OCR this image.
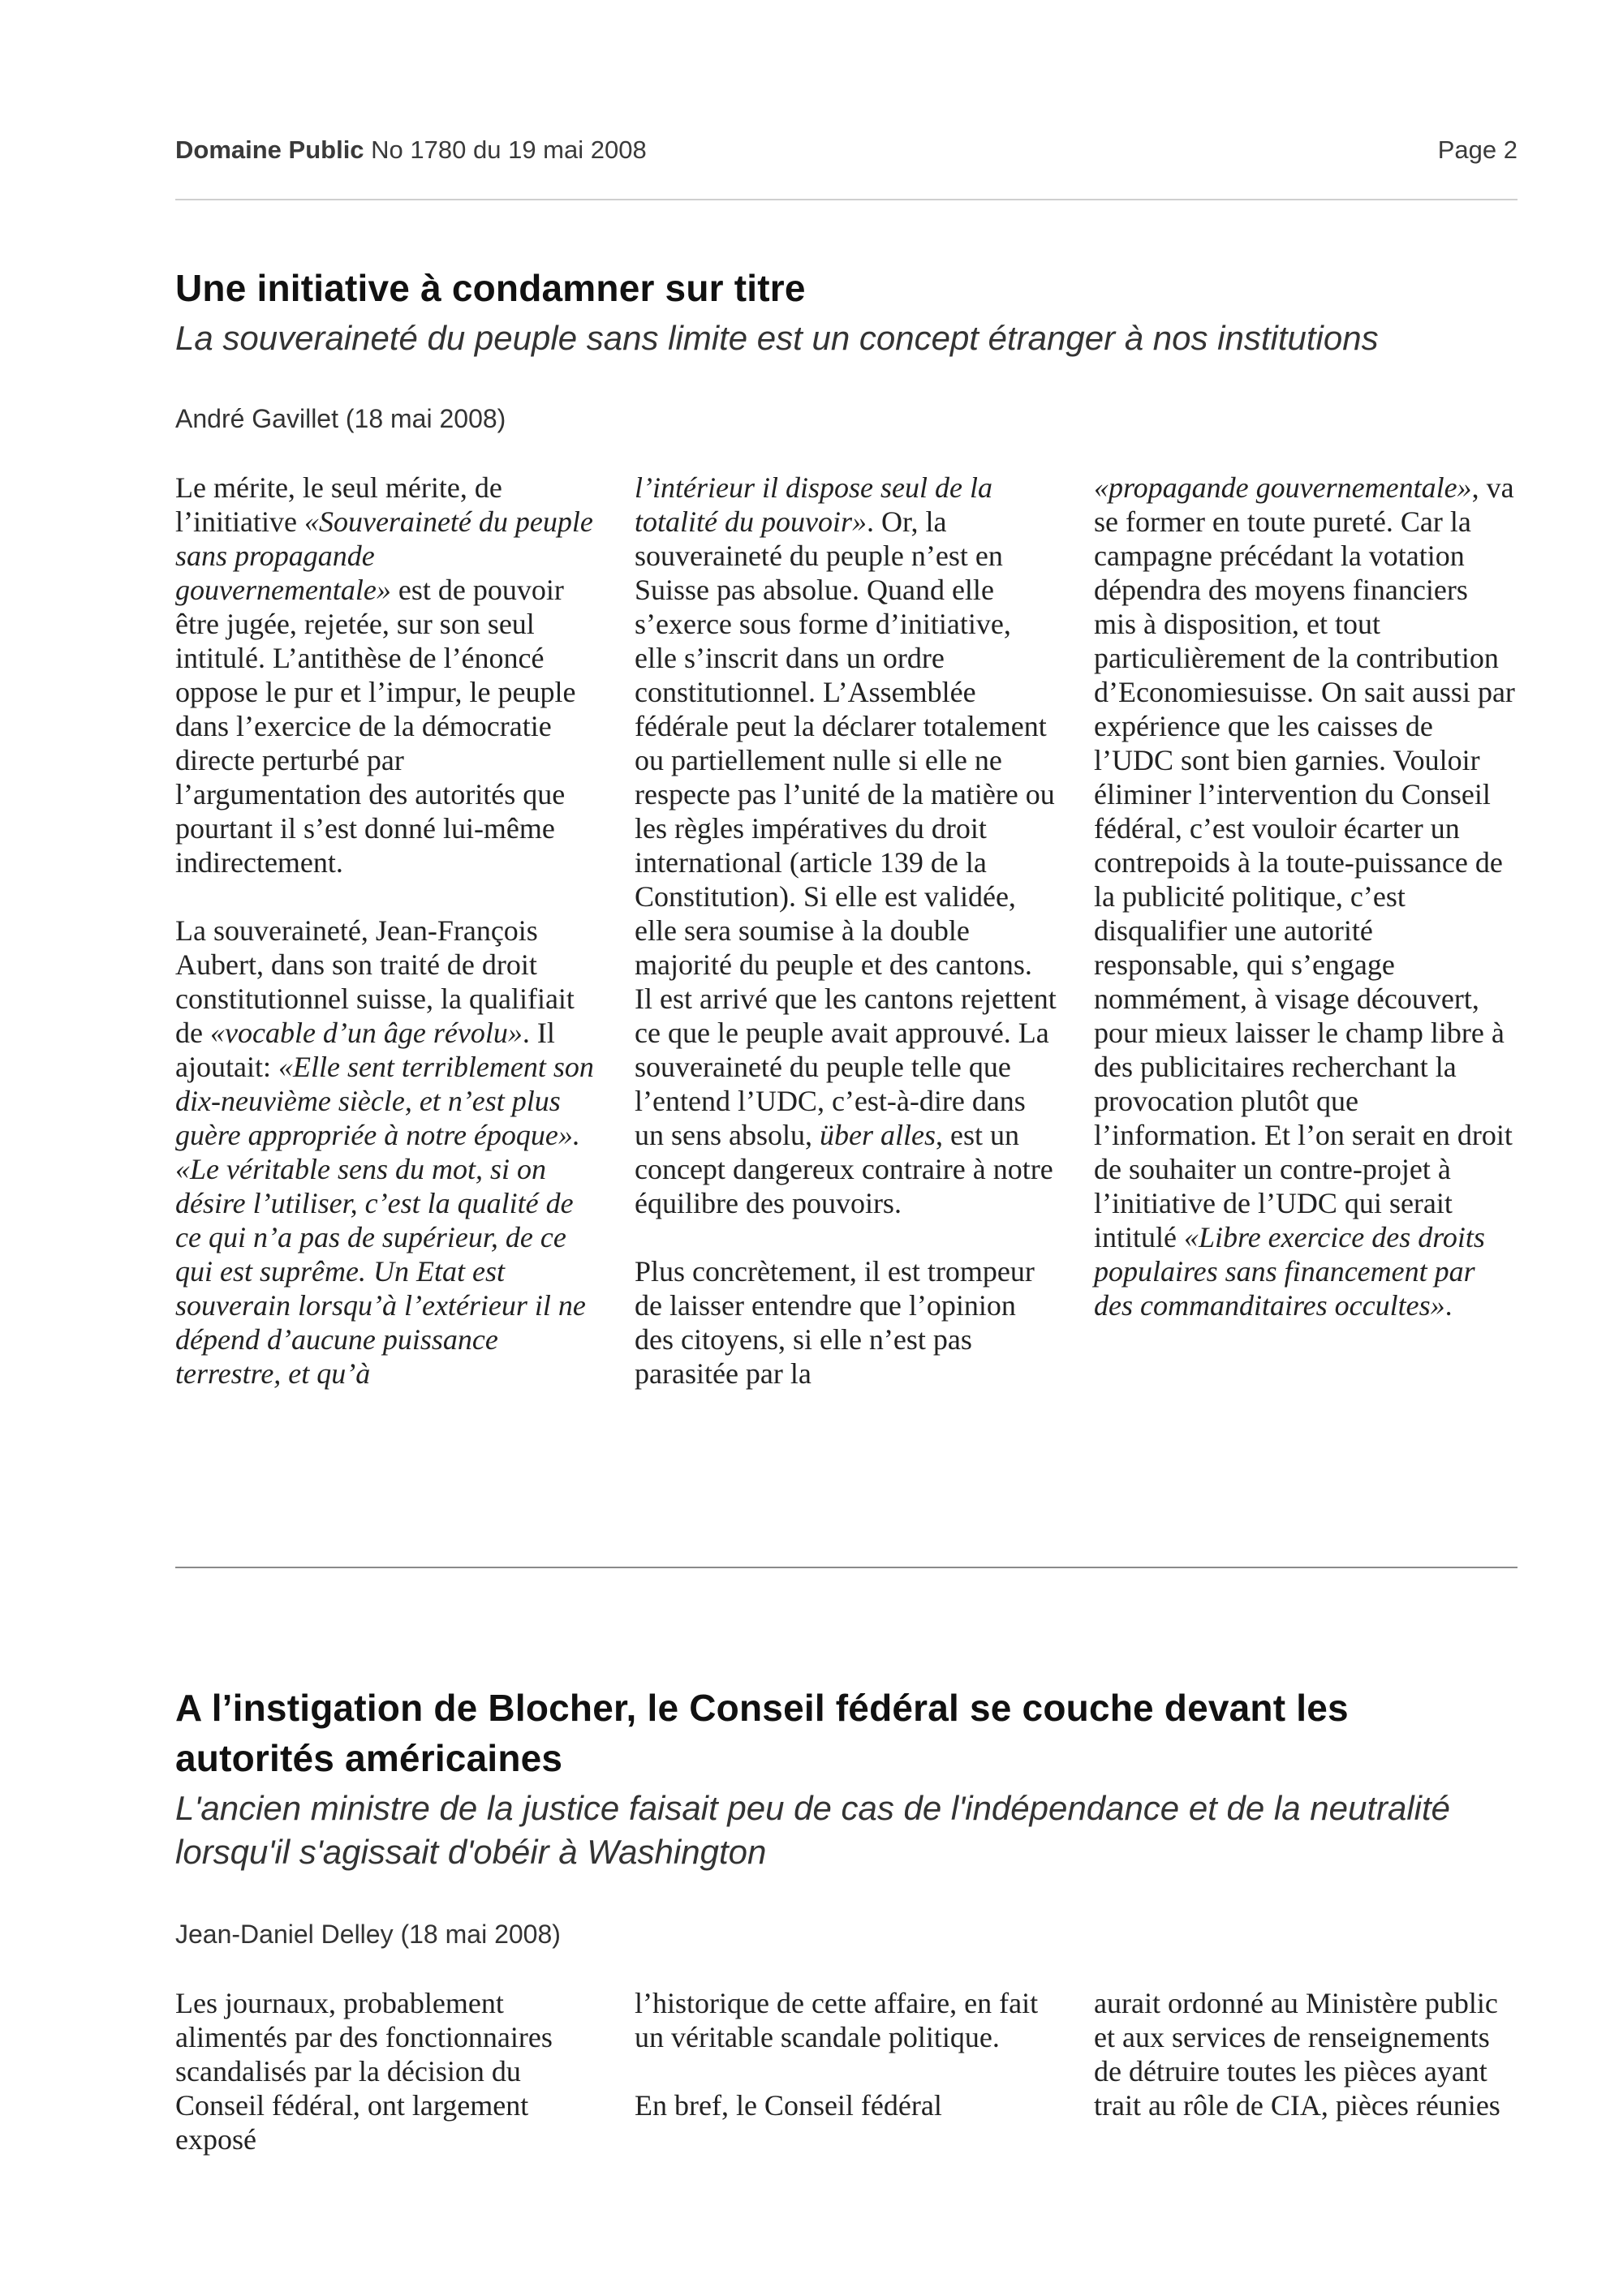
Domaine Public No 1780 du 19 mai 2008	Page 2
Une initiative à condamner sur titre

La souveraineté du peuple sans limite est un concept étranger à nos institutions

André Gavillet (18 mai 2008)

Le mérite, le seul mérite, de l’initiative «Souveraineté du peuple sans propagande gouvernementale» est de pouvoir être jugée, rejetée, sur son seul intitulé. L’antithèse de l’énoncé oppose le pur et l’impur, le peuple dans l’exercice de la démocratie directe perturbé par l’argumentation des autorités que pourtant il s’est donné lui-même indirectement.

La souveraineté, Jean-François Aubert, dans son traité de droit constitutionnel suisse, la qualifiait de «vocable d’un âge révolu». Il ajoutait: «Elle sent terriblement son dix-neuvième siècle, et n’est plus guère appropriée à notre époque». «Le véritable sens du mot, si on désire l’utiliser, c’est la qualité de ce qui n’a pas de supérieur, de ce qui est suprême. Un Etat est souverain lorsqu’à l’extérieur il ne dépend d’aucune puissance terrestre, et qu’à

l’intérieur il dispose seul de la totalité du pouvoir». Or, la souveraineté du peuple n’est en Suisse pas absolue. Quand elle s’exerce sous forme d’initiative, elle s’inscrit dans un ordre constitutionnel. L’Assemblée fédérale peut la déclarer totalement ou partiellement nulle si elle ne respecte pas l’unité de la matière ou les règles impératives du droit international (article 139 de la Constitution). Si elle est validée, elle sera soumise à la double majorité du peuple et des cantons. Il est arrivé que les cantons rejettent ce que le peuple avait approuvé. La souveraineté du peuple telle que l’entend l’UDC, c’est-à-dire dans un sens absolu, über alles, est un concept dangereux contraire à notre équilibre des pouvoirs.

Plus concrètement, il est trompeur de laisser entendre que l’opinion des citoyens, si elle n’est pas parasitée par la

«propagande gouvernementale», va se former en toute pureté. Car la campagne précédant la votation dépendra des moyens financiers mis à disposition, et tout particulièrement de la contribution d’Economiesuisse. On sait aussi par expérience que les caisses de l’UDC sont bien garnies. Vouloir éliminer l’intervention du Conseil fédéral, c’est vouloir écarter un contrepoids à la toute-puissance de la publicité politique, c’est disqualifier une autorité responsable, qui s’engage nommément, à visage découvert, pour mieux laisser le champ libre à des publicitaires recherchant la provocation plutôt que l’information. Et l’on serait en droit de souhaiter un contre-projet à l’initiative de l’UDC qui serait intitulé «Libre exercice des droits populaires sans financement par des commanditaires occultes».

A l’instigation de Blocher, le Conseil fédéral se couche devant les autorités américaines

L'ancien ministre de la justice faisait peu de cas de l'indépendance et de la neutralité lorsqu'il s'agissait d'obéir à Washington

Jean-Daniel Delley (18 mai 2008)

Les journaux, probablement alimentés par des fonctionnaires scandalisés par la décision du Conseil fédéral, ont largement exposé

l’historique de cette affaire, en fait un véritable scandale politique.

En bref, le Conseil fédéral

aurait ordonné au Ministère public et aux services de renseignements de détruire toutes les pièces ayant trait au rôle de CIA, pièces réunies
